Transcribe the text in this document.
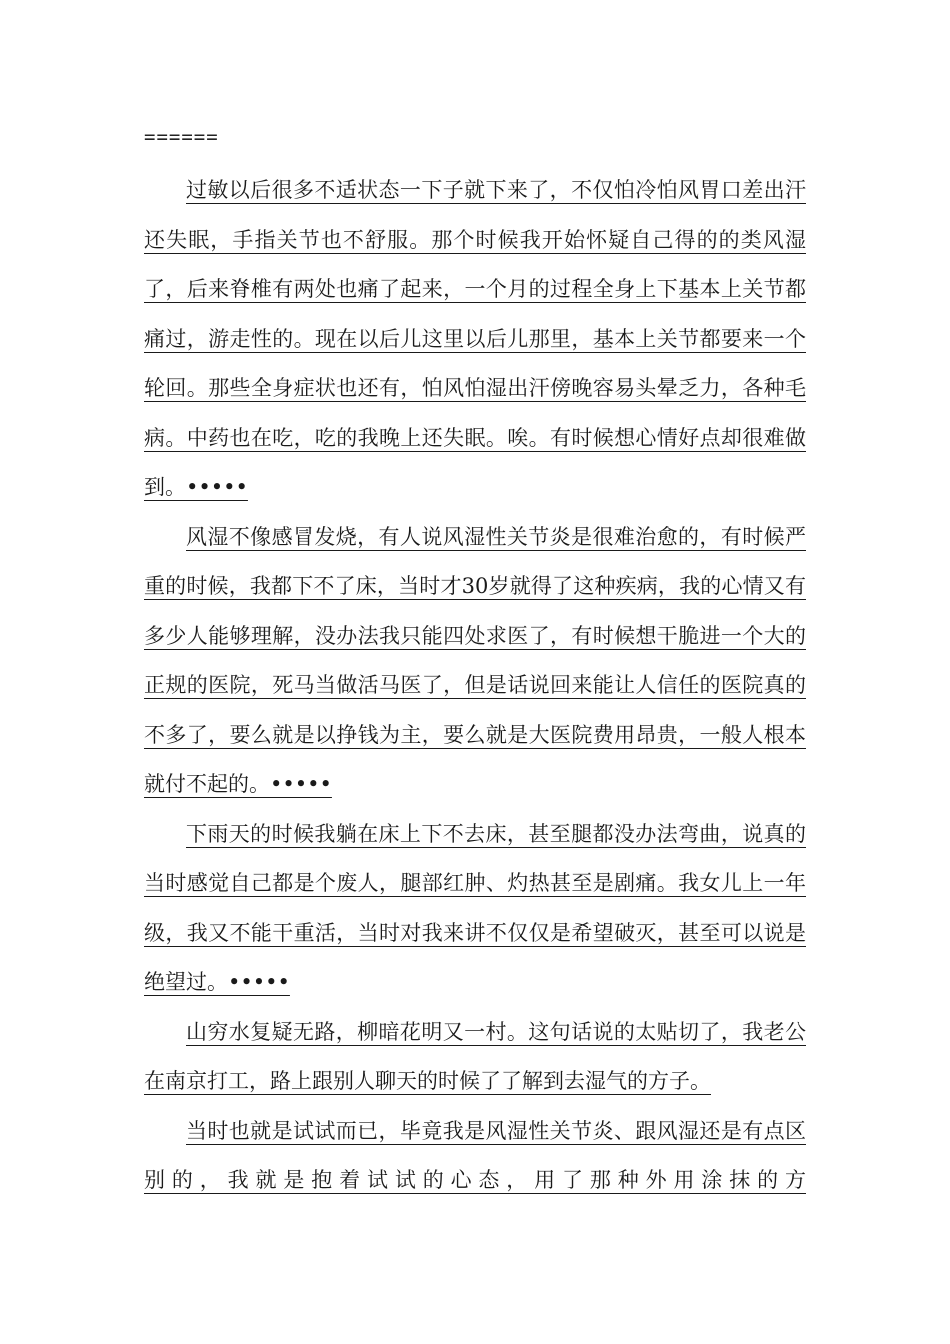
======

过敏以后很多不适状态一下子就下来了，不仅怕冷怕风胃口差出汗还失眠，手指关节也不舒服。那个时候我开始怀疑自己得的的类风湿了，后来脊椎有两处也痛了起来，一个月的过程全身上下基本上关节都痛过，游走性的。现在以后儿这里以后儿那里，基本上关节都要来一个轮回。那些全身症状也还有，怕风怕湿出汗傍晚容易头晕乏力，各种毛病。中药也在吃，吃的我晚上还失眠。唉。有时候想心情好点却很难做到。•••••

风湿不像感冒发烧，有人说风湿性关节炎是很难治愈的，有时候严重的时候，我都下不了床，当时才30岁就得了这种疾病，我的心情又有多少人能够理解，没办法我只能四处求医了，有时候想干脆进一个大的正规的医院，死马当做活马医了，但是话说回来能让人信任的医院真的不多了，要么就是以挣钱为主，要么就是大医院费用昂贵，一般人根本就付不起的。•••••

下雨天的时候我躺在床上下不去床，甚至腿都没办法弯曲，说真的当时感觉自己都是个废人，腿部红肿、灼热甚至是剧痛。我女儿上一年级，我又不能干重活，当时对我来讲不仅仅是希望破灭，甚至可以说是绝望过。•••••

山穷水复疑无路，柳暗花明又一村。这句话说的太贴切了，我老公在南京打工，路上跟别人聊天的时候了了解到去湿气的方子。

当时也就是试试而已，毕竟我是风湿性关节炎、跟风湿还是有点区别的，我就是抱着试试的心态，用了那种外用涂抹的方
